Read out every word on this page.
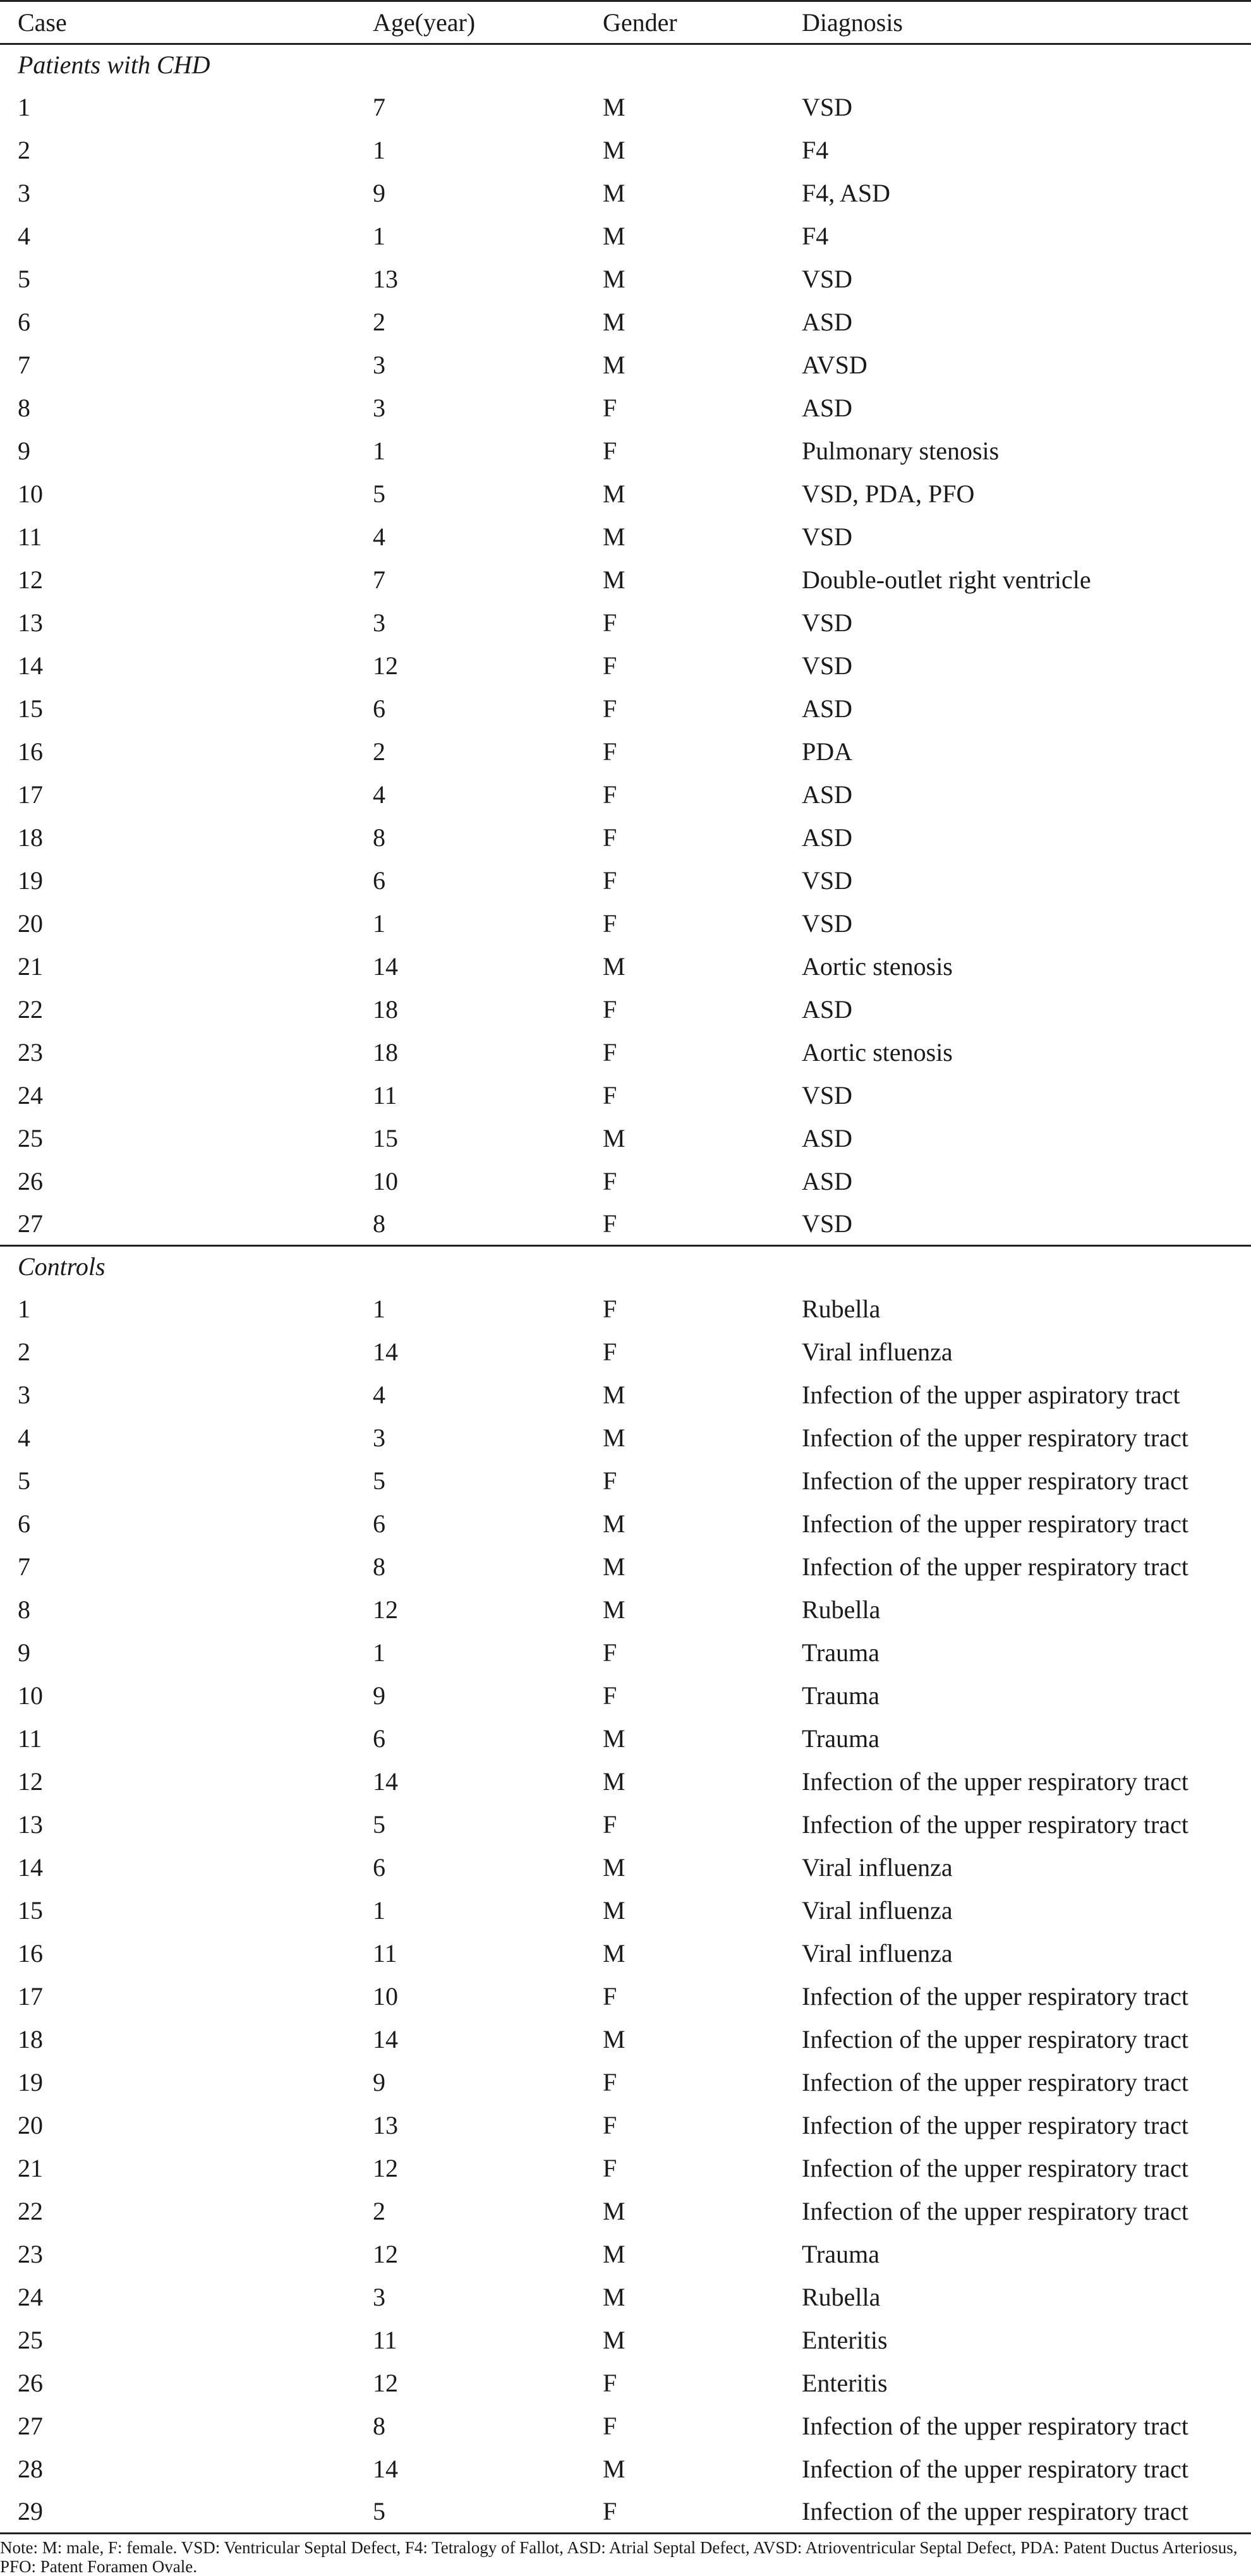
Case	Age(year)	Gender	Diagnosis
Patients with CHD			
1	7	M	VSD
2	1	M	F4
3	9	M	F4, ASD
4	1	M	F4
5	13	M	VSD
6	2	M	ASD
7	3	M	AVSD
8	3	F	ASD
9	1	F	Pulmonary stenosis
10	5	M	VSD, PDA, PFO
11	4	M	VSD
12	7	M	Double-outlet right ventricle
13	3	F	VSD
14	12	F	VSD
15	6	F	ASD
16	2	F	PDA
17	4	F	ASD
18	8	F	ASD
19	6	F	VSD
20	1	F	VSD
21	14	M	Aortic stenosis
22	18	F	ASD
23	18	F	Aortic stenosis
24	11	F	VSD
25	15	M	ASD
26	10	F	ASD
27	8	F	VSD
Controls			
1	1	F	Rubella
2	14	F	Viral influenza
3	4	M	Infection of the upper aspiratory tract
4	3	M	Infection of the upper respiratory tract
5	5	F	Infection of the upper respiratory tract
6	6	M	Infection of the upper respiratory tract
7	8	M	Infection of the upper respiratory tract
8	12	M	Rubella
9	1	F	Trauma
10	9	F	Trauma
11	6	M	Trauma
12	14	M	Infection of the upper respiratory tract
13	5	F	Infection of the upper respiratory tract
14	6	M	Viral influenza
15	1	M	Viral influenza
16	11	M	Viral influenza
17	10	F	Infection of the upper respiratory tract
18	14	M	Infection of the upper respiratory tract
19	9	F	Infection of the upper respiratory tract
20	13	F	Infection of the upper respiratory tract
21	12	F	Infection of the upper respiratory tract
22	2	M	Infection of the upper respiratory tract
23	12	M	Trauma
24	3	M	Rubella
25	11	M	Enteritis
26	12	F	Enteritis
27	8	F	Infection of the upper respiratory tract
28	14	M	Infection of the upper respiratory tract
29	5	F	Infection of the upper respiratory tract

Note: M: male, F: female. VSD: Ventricular Septal Defect, F4: Tetralogy of Fallot, ASD: Atrial Septal Defect, AVSD: Atrioventricular Septal Defect, PDA: Patent Ductus Arteriosus, PFO: Patent Foramen Ovale.
